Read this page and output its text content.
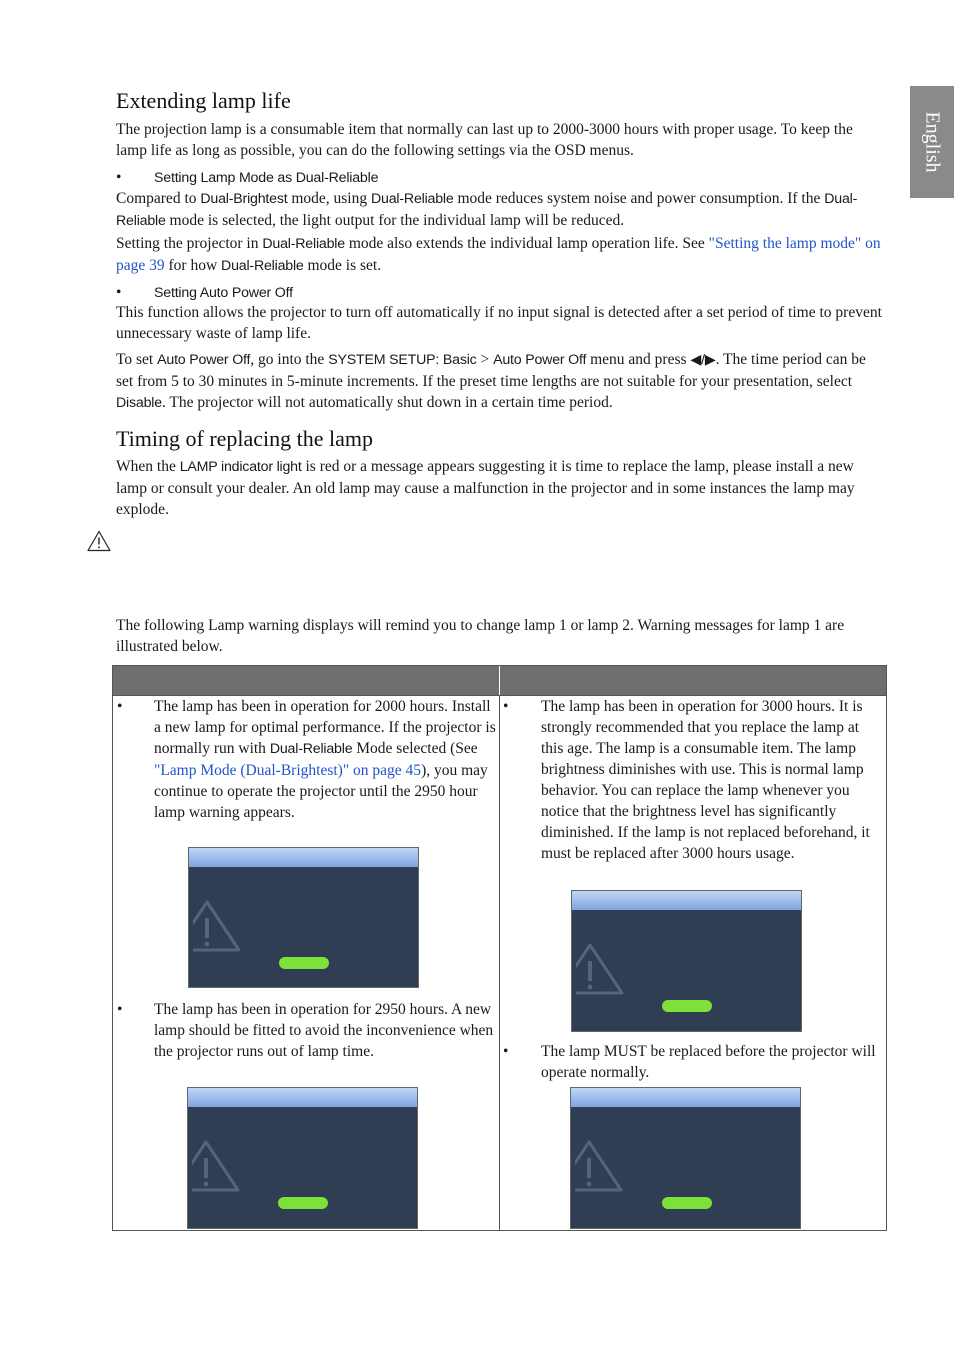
English
Extending lamp life

The projection lamp is a consumable item that normally can last up to 2000-3000 hours with proper usage. To keep the lamp life as long as possible, you can do the following settings via the OSD menus.

• Setting Lamp Mode as Dual-Reliable

Compared to Dual-Brightest mode, using Dual-Reliable mode reduces system noise and power consumption. If the Dual-Reliable mode is selected, the light output for the individual lamp will be reduced.

Setting the projector in Dual-Reliable mode also extends the individual lamp operation life. See "Setting the lamp mode" on page 39 for how Dual-Reliable mode is set.

• Setting Auto Power Off

This function allows the projector to turn off automatically if no input signal is detected after a set period of time to prevent unnecessary waste of lamp life.

To set Auto Power Off, go into the SYSTEM SETUP: Basic > Auto Power Off menu and press ◀/▶. The time period can be set from 5 to 30 minutes in 5-minute increments. If the preset time lengths are not suitable for your presentation, select Disable. The projector will not automatically shut down in a certain time period.

Timing of replacing the lamp

When the LAMP indicator light is red or a message appears suggesting it is time to replace the lamp, please install a new lamp or consult your dealer. An old lamp may cause a malfunction in the projector and in some instances the lamp may explode.

The following Lamp warning displays will remind you to change lamp 1 or lamp 2. Warning messages for lamp 1 are illustrated below.

• The lamp has been in operation for 2000 hours. Install a new lamp for optimal performance. If the projector is normally run with Dual-Reliable Mode selected (See "Lamp Mode (Dual-Brightest)" on page 45), you may continue to operate the projector until the 2950 hour lamp warning appears.

• The lamp has been in operation for 2950 hours. A new lamp should be fitted to avoid the inconvenience when the projector runs out of lamp time.

• The lamp has been in operation for 3000 hours. It is strongly recommended that you replace the lamp at this age. The lamp is a consumable item. The lamp brightness diminishes with use. This is normal lamp behavior. You can replace the lamp whenever you notice that the brightness level has significantly diminished. If the lamp is not replaced beforehand, it must be replaced after 3000 hours usage.

• The lamp MUST be replaced before the projector will operate normally.
